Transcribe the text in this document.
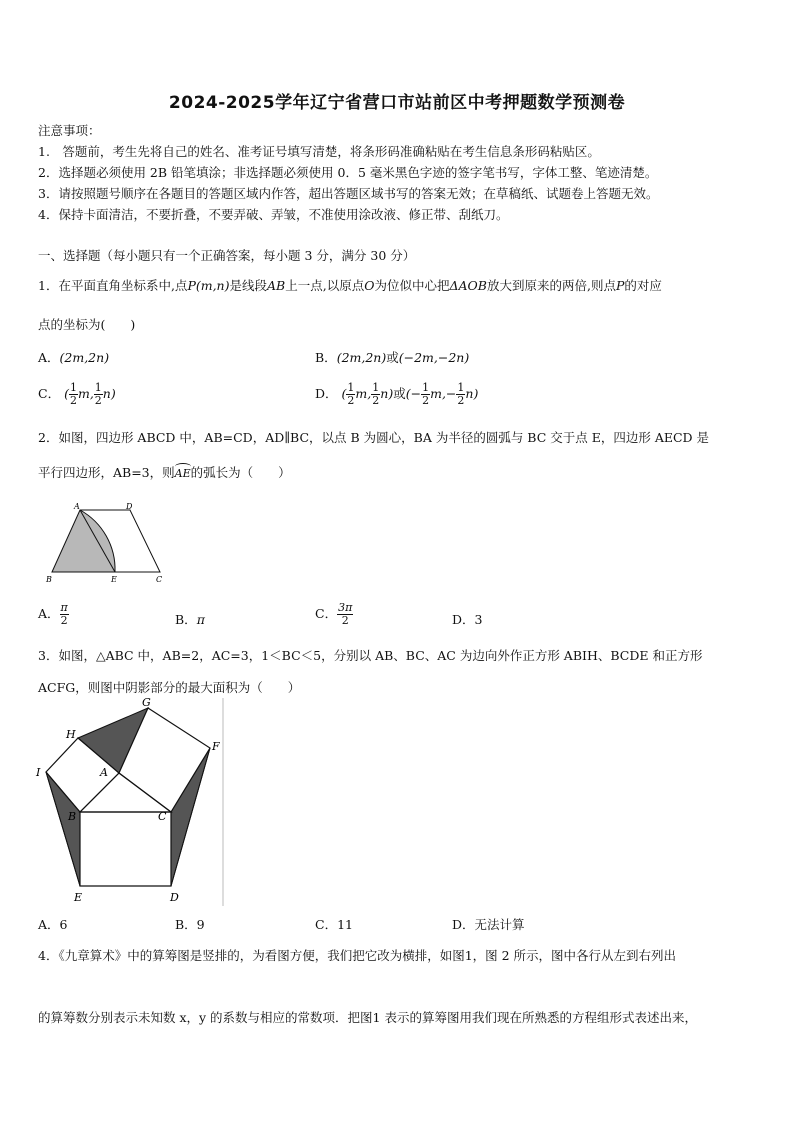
2024-2025学年辽宁省营口市站前区中考押题数学预测卷
注意事项：
1.　答题前，考生先将自己的姓名、准考证号填写清楚，将条形码准确粘贴在考生信息条形码粘贴区。
2．选择题必须使用 2B 铅笔填涂；非选择题必须使用 0．5 毫米黑色字迹的签字笔书写，字体工整、笔迹清楚。
3．请按照题号顺序在各题目的答题区域内作答，超出答题区域书写的答案无效；在草稿纸、试题卷上答题无效。
4．保持卡面清洁，不要折叠，不要弄破、弄皱，不准使用涂改液、修正带、刮纸刀。
一、选择题（每小题只有一个正确答案，每小题 3 分，满分 30 分）
1．在平面直角坐标系中,点P(m,n)是线段AB上一点,以原点O为位似中心把ΔAOB放大到原来的两倍,则点P的对应
点的坐标为(　　)
A．(2m,2n)	B．(2m,2n)或(−2m,−2n)
C． ( $\frac{1}{2} m$, $\frac{1}{2} n$)	D． ( $\frac{1}{2} m$, $\frac{1}{2} n$)或(− $\frac{1}{2} m,- \frac{1}{2} n$)
2．如图，四边形 ABCD 中，AB=CD，AD∥BC，以点 B 为圆心，BA 为半径的圆弧与 BC 交于点 E，四边形 AECD 是
平行四边形，AB=3，则AE的弧长为（　　）
A	D
B	E	C
A． $\frac{\pi}{2}$	B．π	C． $\frac{3\pi}{2}$	D．3
3．如图，△ABC 中，AB=2，AC=3，1＜BC＜5，分别以 AB、BC、AC 为边向外作正方形 ABIH、BCDE 和正方形
ACFG，则图中阴影部分的最大面积为（　　）
G
H
F
I	A
B	C
E	D
A．6	B．9	C．11	D．无法计算
4．《九章算术》中的算筹图是竖排的，为看图方便，我们把它改为横排，如图1，图 2 所示，图中各行从左到右列出
的算筹数分别表示未知数 x，y 的系数与相应的常数项．把图1 表示的算筹图用我们现在所熟悉的方程组形式表述出来，
